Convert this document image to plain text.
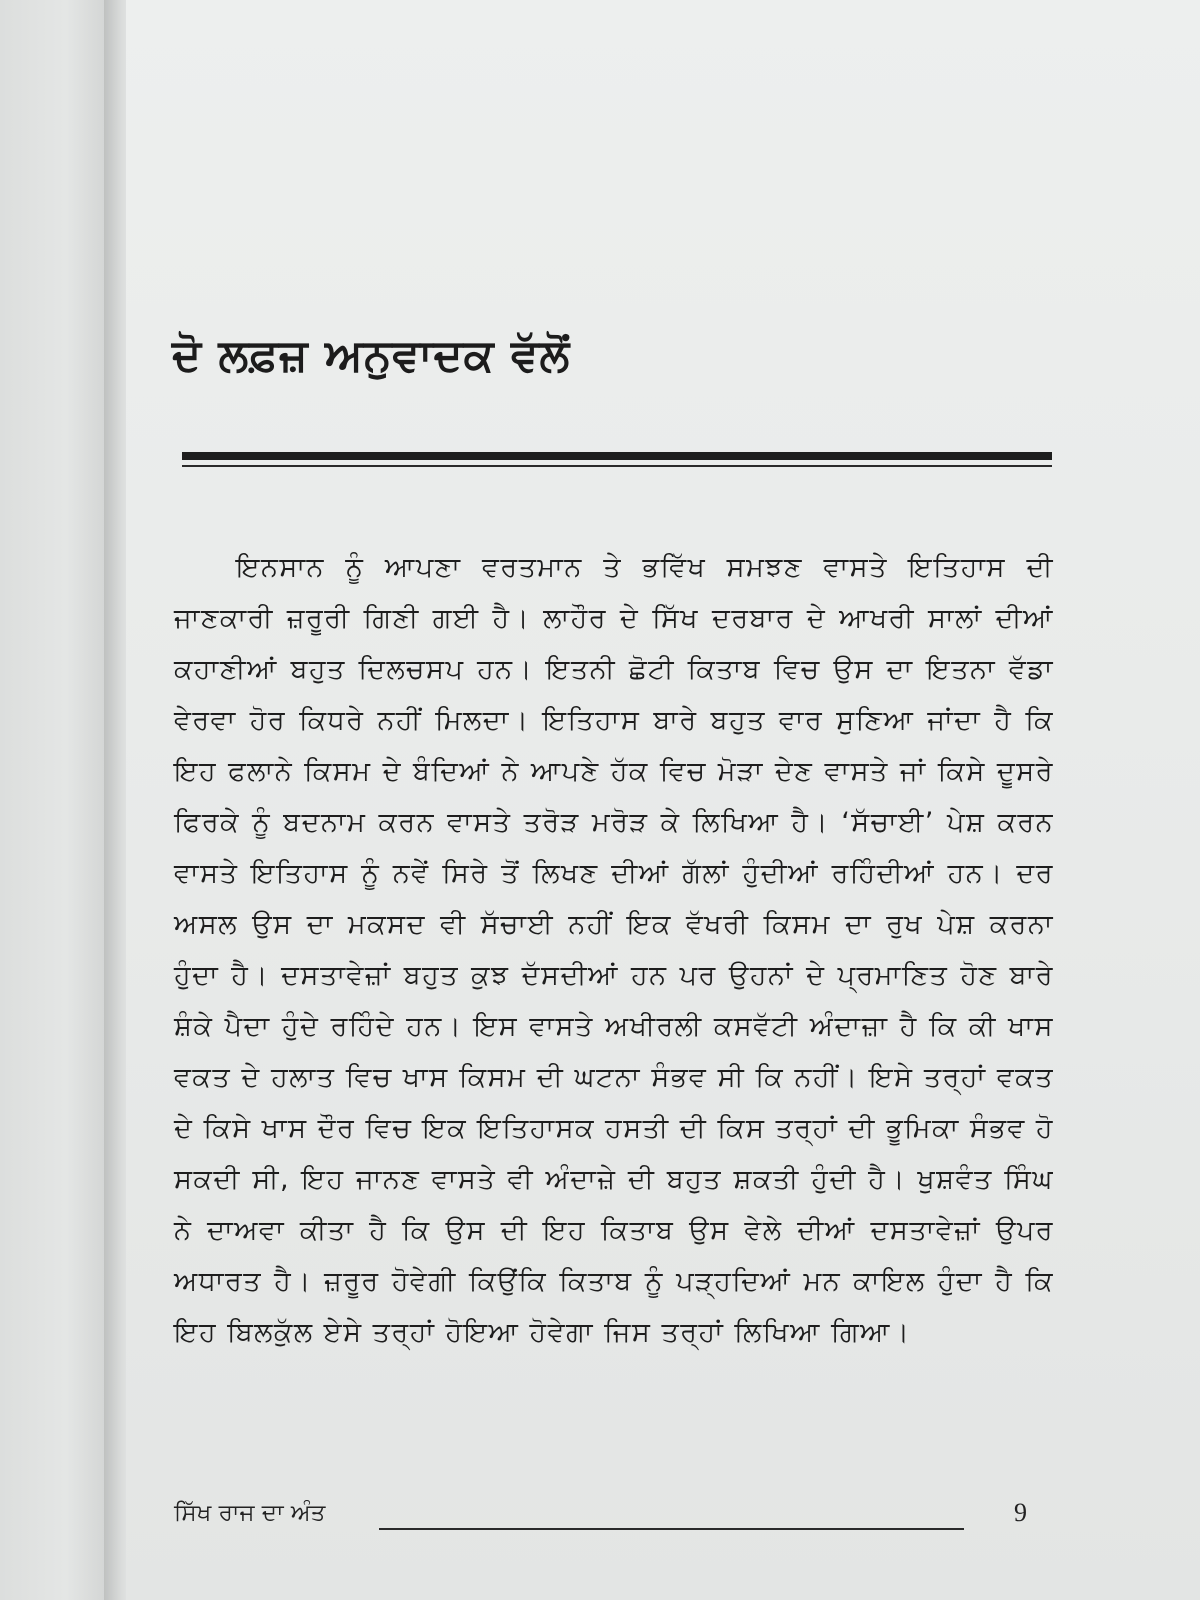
ਦੋ ਲਫ਼ਜ਼ ਅਨੁਵਾਦਕ ਵੱਲੋਂ

ਇਨਸਾਨ ਨੂੰ ਆਪਣਾ ਵਰਤਮਾਨ ਤੇ ਭਵਿੱਖ ਸਮਝਣ ਵਾਸਤੇ ਇਤਿਹਾਸ ਦੀ ਜਾਣਕਾਰੀ ਜ਼ਰੂਰੀ ਗਿਣੀ ਗਈ ਹੈ। ਲਾਹੌਰ ਦੇ ਸਿੱਖ ਦਰਬਾਰ ਦੇ ਆਖਰੀ ਸਾਲਾਂ ਦੀਆਂ ਕਹਾਣੀਆਂ ਬਹੁਤ ਦਿਲਚਸਪ ਹਨ। ਇਤਨੀ ਛੋਟੀ ਕਿਤਾਬ ਵਿਚ ਉਸ ਦਾ ਇਤਨਾ ਵੱਡਾ ਵੇਰਵਾ ਹੋਰ ਕਿਧਰੇ ਨਹੀਂ ਮਿਲਦਾ। ਇਤਿਹਾਸ ਬਾਰੇ ਬਹੁਤ ਵਾਰ ਸੁਣਿਆ ਜਾਂਦਾ ਹੈ ਕਿ ਇਹ ਫਲਾਨੇ ਕਿਸਮ ਦੇ ਬੰਦਿਆਂ ਨੇ ਆਪਣੇ ਹੱਕ ਵਿਚ ਮੋੜਾ ਦੇਣ ਵਾਸਤੇ ਜਾਂ ਕਿਸੇ ਦੂਸਰੇ ਫਿਰਕੇ ਨੂੰ ਬਦਨਾਮ ਕਰਨ ਵਾਸਤੇ ਤਰੋੜ ਮਰੋੜ ਕੇ ਲਿਖਿਆ ਹੈ। ‘ਸੱਚਾਈ’ ਪੇਸ਼ ਕਰਨ ਵਾਸਤੇ ਇਤਿਹਾਸ ਨੂੰ ਨਵੇਂ ਸਿਰੇ ਤੋਂ ਲਿਖਣ ਦੀਆਂ ਗੱਲਾਂ ਹੁੰਦੀਆਂ ਰਹਿੰਦੀਆਂ ਹਨ। ਦਰ ਅਸਲ ਉਸ ਦਾ ਮਕਸਦ ਵੀ ਸੱਚਾਈ ਨਹੀਂ ਇਕ ਵੱਖਰੀ ਕਿਸਮ ਦਾ ਰੁਖ ਪੇਸ਼ ਕਰਨਾ ਹੁੰਦਾ ਹੈ। ਦਸਤਾਵੇਜ਼ਾਂ ਬਹੁਤ ਕੁਝ ਦੱਸਦੀਆਂ ਹਨ ਪਰ ਉਹਨਾਂ ਦੇ ਪ੍ਰਮਾਣਿਤ ਹੋਣ ਬਾਰੇ ਸ਼ੰਕੇ ਪੈਦਾ ਹੁੰਦੇ ਰਹਿੰਦੇ ਹਨ। ਇਸ ਵਾਸਤੇ ਅਖੀਰਲੀ ਕਸਵੱਟੀ ਅੰਦਾਜ਼ਾ ਹੈ ਕਿ ਕੀ ਖਾਸ ਵਕਤ ਦੇ ਹਲਾਤ ਵਿਚ ਖਾਸ ਕਿਸਮ ਦੀ ਘਟਨਾ ਸੰਭਵ ਸੀ ਕਿ ਨਹੀਂ। ਇਸੇ ਤਰ੍ਹਾਂ ਵਕਤ ਦੇ ਕਿਸੇ ਖਾਸ ਦੌਰ ਵਿਚ ਇਕ ਇਤਿਹਾਸਕ ਹਸਤੀ ਦੀ ਕਿਸ ਤਰ੍ਹਾਂ ਦੀ ਭੂਮਿਕਾ ਸੰਭਵ ਹੋ ਸਕਦੀ ਸੀ, ਇਹ ਜਾਨਣ ਵਾਸਤੇ ਵੀ ਅੰਦਾਜ਼ੇ ਦੀ ਬਹੁਤ ਸ਼ਕਤੀ ਹੁੰਦੀ ਹੈ। ਖੁਸ਼ਵੰਤ ਸਿੰਘ ਨੇ ਦਾਅਵਾ ਕੀਤਾ ਹੈ ਕਿ ਉਸ ਦੀ ਇਹ ਕਿਤਾਬ ਉਸ ਵੇਲੇ ਦੀਆਂ ਦਸਤਾਵੇਜ਼ਾਂ ਉਪਰ ਅਧਾਰਤ ਹੈ। ਜ਼ਰੂਰ ਹੋਵੇਗੀ ਕਿਉਂਕਿ ਕਿਤਾਬ ਨੂੰ ਪੜ੍ਹਦਿਆਂ ਮਨ ਕਾਇਲ ਹੁੰਦਾ ਹੈ ਕਿ ਇਹ ਬਿਲਕੁੱਲ ਏਸੇ ਤਰ੍ਹਾਂ ਹੋਇਆ ਹੋਵੇਗਾ ਜਿਸ ਤਰ੍ਹਾਂ ਲਿਖਿਆ ਗਿਆ।

ਸਿੱਖ ਰਾਜ ਦਾ ਅੰਤ	9
